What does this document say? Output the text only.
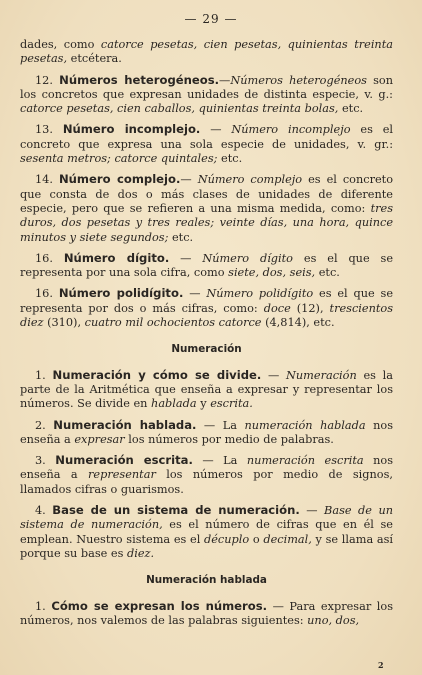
— 29 —

dades, como catorce pesetas, cien pesetas, quinientas treinta pesetas, etcétera.

12. Números heterogéneos.—Números heterogéneos son los concretos que expresan unidades de distinta especie, v. g.: catorce pesetas, cien caballos, quinientas treinta bolas, etc.

13. Número incomplejo. — Número incomplejo es el concreto que expresa una sola especie de unidades, v. gr.: sesenta metros; catorce quintales; etc.

14. Número complejo.— Número complejo es el concreto que consta de dos o más clases de unidades de diferente especie, pero que se refieren a una misma medida, como: tres duros, dos pesetas y tres reales; veinte días, una hora, quince minutos y siete segundos; etc.

16. Número dígito. — Número dígito es el que se representa por una sola cifra, como siete, dos, seis, etc.

16. Número polidígito. — Número polidígito es el que se representa por dos o más cifras, como: doce (12), trescientos diez (310), cuatro mil ochocientos catorce (4,814), etc.

Numeración

1. Numeración y cómo se divide. — Numeración es la parte de la Aritmética que enseña a expresar y representar los números. Se divide en hablada y escrita.

2. Numeración hablada. — La numeración hablada nos enseña a expresar los números por medio de palabras.

3. Numeración escrita. — La numeración escrita nos enseña a representar los números por medio de signos, llamados cifras o guarismos.

4. Base de un sistema de numeración. — Base de un sistema de numeración, es el número de cifras que en él se emplean. Nuestro sistema es el décuplo o decimal, y se llama así porque su base es diez.

Numeración hablada

1. Cómo se expresan los números. — Para expresar los números, nos valemos de las palabras siguientes: uno, dos,

2
